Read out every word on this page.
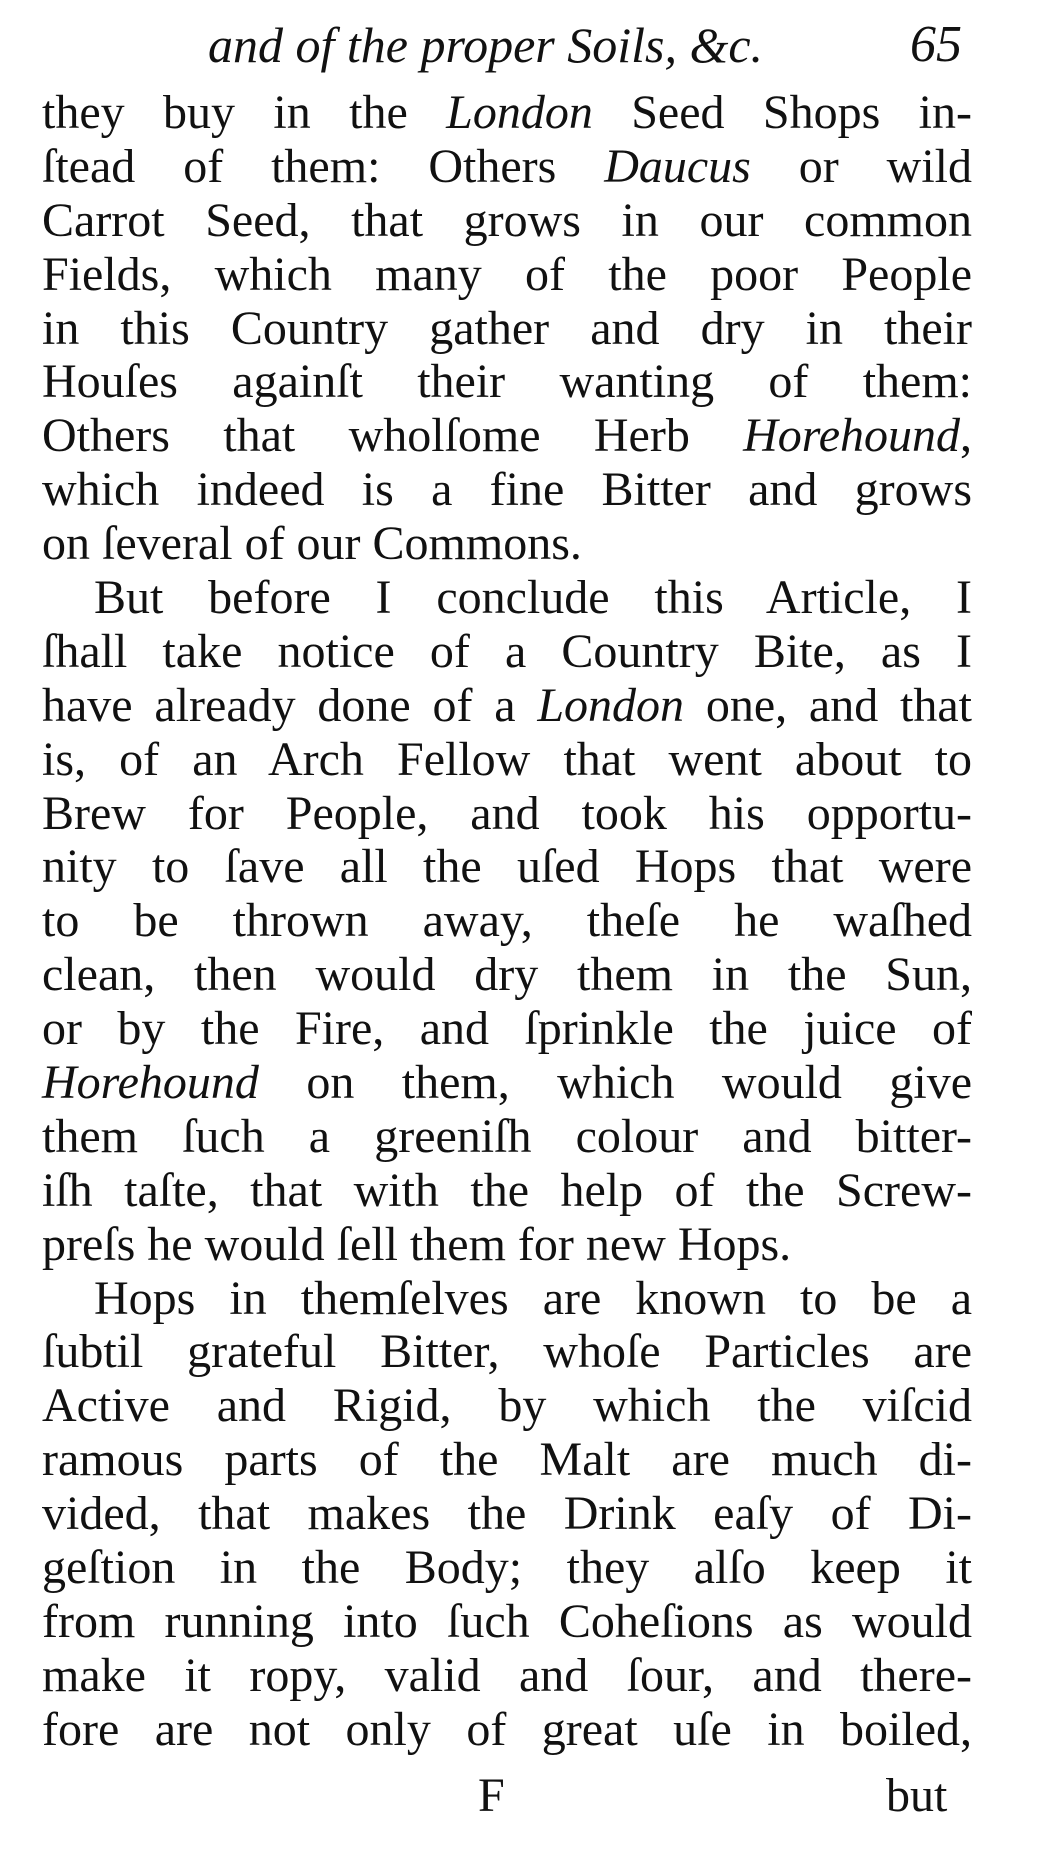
and of the proper Soils, &c.	65
they buy in the London Seed Shops in-
ſtead of them: Others Daucus or wild
Carrot Seed, that grows in our common
Fields, which many of the poor People
in this Country gather and dry in their
Houſes againſt their wanting of them:
Others that wholſome Herb Horehound,
which indeed is a fine Bitter and grows
on ſeveral of our Commons.
But before I conclude this Article, I
ſhall take notice of a Country Bite, as I
have already done of a London one, and that
is, of an Arch Fellow that went about to
Brew for People, and took his opportu-
nity to ſave all the uſed Hops that were
to be thrown away, theſe he waſhed
clean, then would dry them in the Sun,
or by the Fire, and ſprinkle the juice of
Horehound on them, which would give
them ſuch a greeniſh colour and bitter-
iſh taſte, that with the help of the Screw-
preſs he would ſell them for new Hops.
Hops in themſelves are known to be a
ſubtil grateful Bitter, whoſe Particles are
Active and Rigid, by which the viſcid
ramous parts of the Malt are much di-
vided, that makes the Drink eaſy of Di-
geſtion in the Body; they alſo keep it
from running into ſuch Coheſions as would
make it ropy, valid and ſour, and there-
fore are not only of great uſe in boiled,
F	but
